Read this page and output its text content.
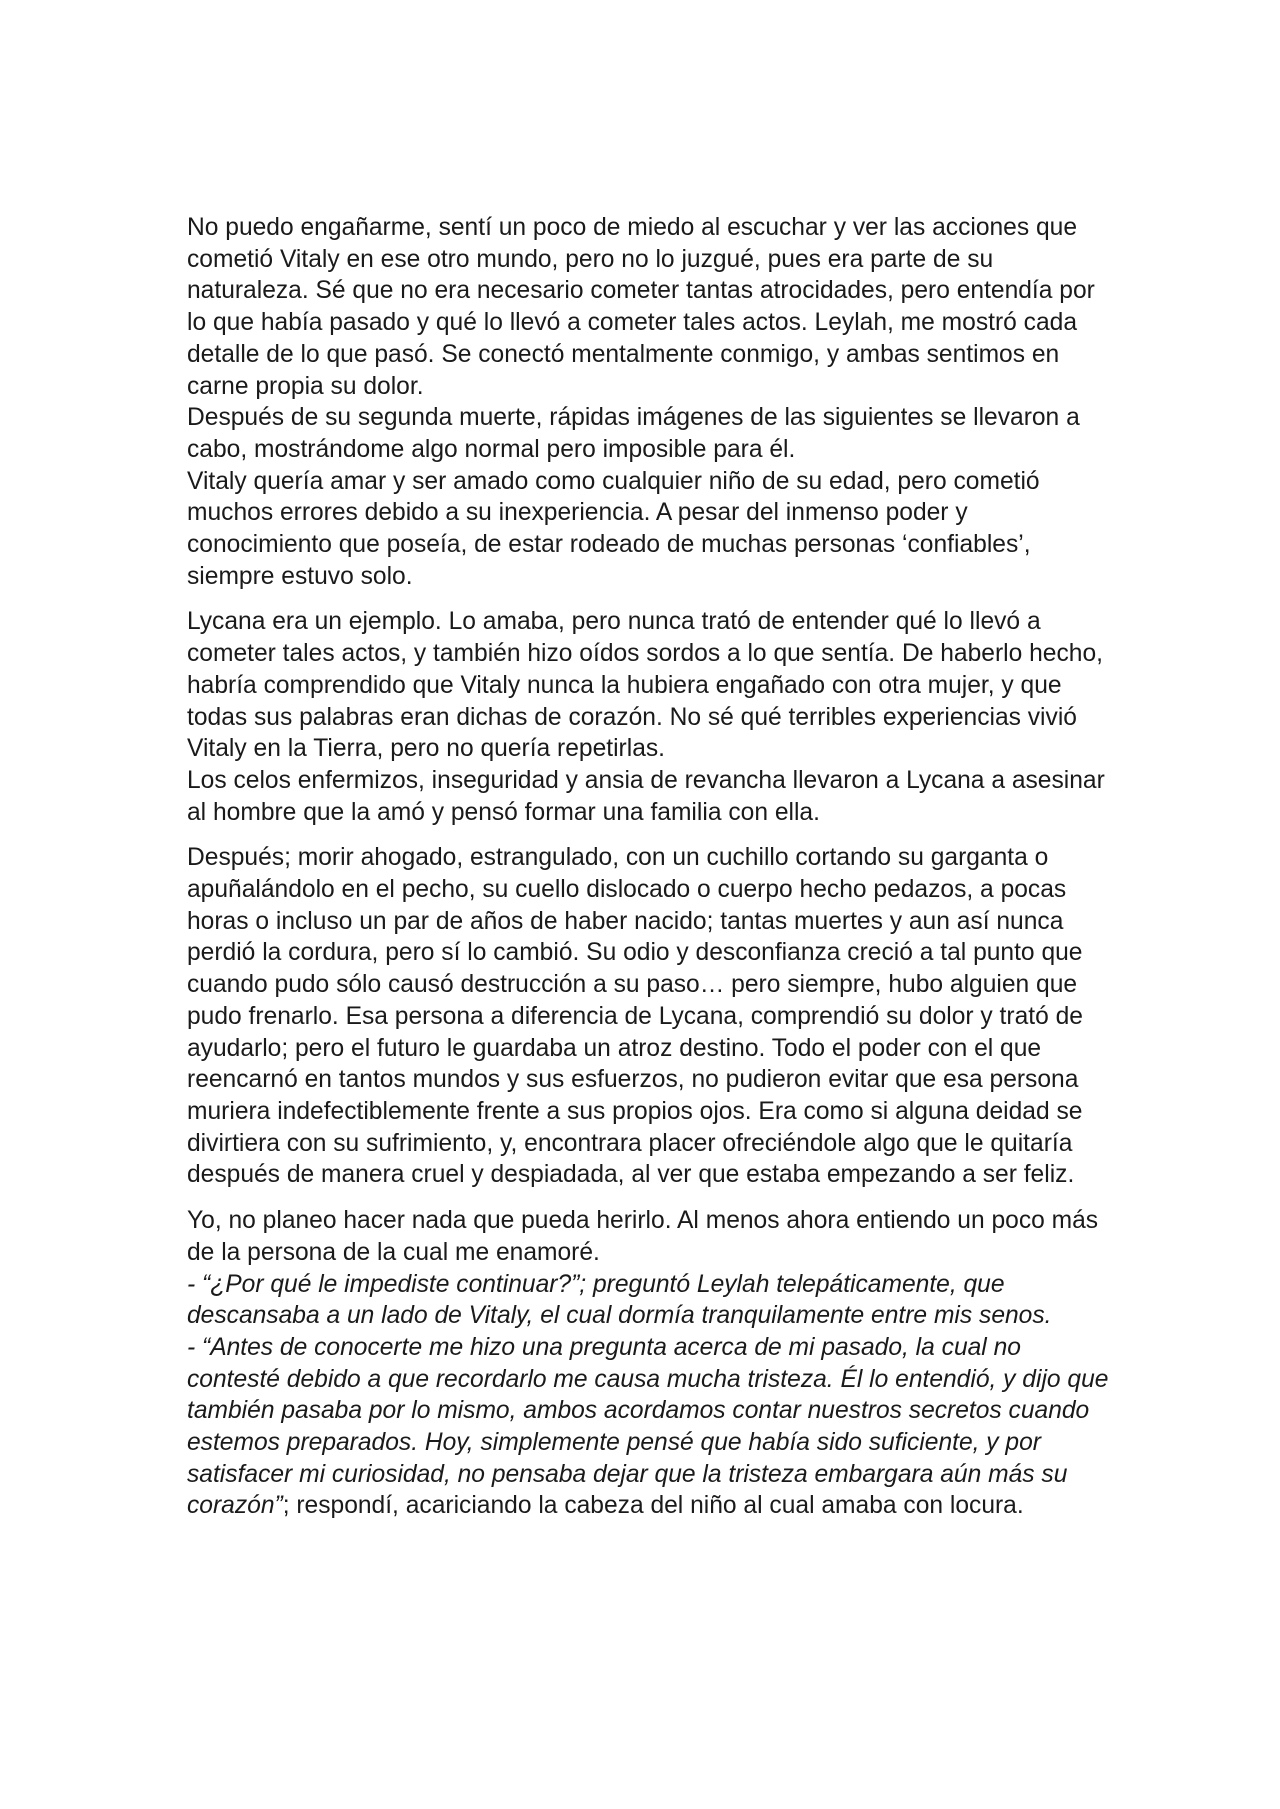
No puedo engañarme, sentí un poco de miedo al escuchar y ver las acciones que cometió Vitaly en ese otro mundo, pero no lo juzgué, pues era parte de su naturaleza. Sé que no era necesario cometer tantas atrocidades, pero entendía por lo que había pasado y qué lo llevó a cometer tales actos. Leylah, me mostró cada detalle de lo que pasó. Se conectó mentalmente conmigo, y ambas sentimos en carne propia su dolor.

Después de su segunda muerte, rápidas imágenes de las siguientes se llevaron a cabo, mostrándome algo normal pero imposible para él.

Vitaly quería amar y ser amado como cualquier niño de su edad, pero cometió muchos errores debido a su inexperiencia. A pesar del inmenso poder y conocimiento que poseía, de estar rodeado de muchas personas ‘confiables’, siempre estuvo solo.

Lycana era un ejemplo. Lo amaba, pero nunca trató de entender qué lo llevó a cometer tales actos, y también hizo oídos sordos a lo que sentía. De haberlo hecho, habría comprendido que Vitaly nunca la hubiera engañado con otra mujer, y que todas sus palabras eran dichas de corazón. No sé qué terribles experiencias vivió Vitaly en la Tierra, pero no quería repetirlas.

Los celos enfermizos, inseguridad y ansia de revancha llevaron a Lycana a asesinar al hombre que la amó y pensó formar una familia con ella.

Después; morir ahogado, estrangulado, con un cuchillo cortando su garganta o apuñalándolo en el pecho, su cuello dislocado o cuerpo hecho pedazos, a pocas horas o incluso un par de años de haber nacido; tantas muertes y aun así nunca perdió la cordura, pero sí lo cambió. Su odio y desconfianza creció a tal punto que cuando pudo sólo causó destrucción a su paso… pero siempre, hubo alguien que pudo frenarlo. Esa persona a diferencia de Lycana, comprendió su dolor y trató de ayudarlo; pero el futuro le guardaba un atroz destino. Todo el poder con el que reencarnó en tantos mundos y sus esfuerzos, no pudieron evitar que esa persona muriera indefectiblemente frente a sus propios ojos. Era como si alguna deidad se divirtiera con su sufrimiento, y, encontrara placer ofreciéndole algo que le quitaría después de manera cruel y despiadada, al ver que estaba empezando a ser feliz.

Yo, no planeo hacer nada que pueda herirlo. Al menos ahora entiendo un poco más de la persona de la cual me enamoré.

- “¿Por qué le impediste continuar?”; preguntó Leylah telepáticamente, que descansaba a un lado de Vitaly, el cual dormía tranquilamente entre mis senos.

- “Antes de conocerte me hizo una pregunta acerca de mi pasado, la cual no contesté debido a que recordarlo me causa mucha tristeza. Él lo entendió, y dijo que también pasaba por lo mismo, ambos acordamos contar nuestros secretos cuando estemos preparados. Hoy, simplemente pensé que había sido suficiente, y por satisfacer mi curiosidad, no pensaba dejar que la tristeza embargara aún más su corazón”; respondí, acariciando la cabeza del niño al cual amaba con locura.
